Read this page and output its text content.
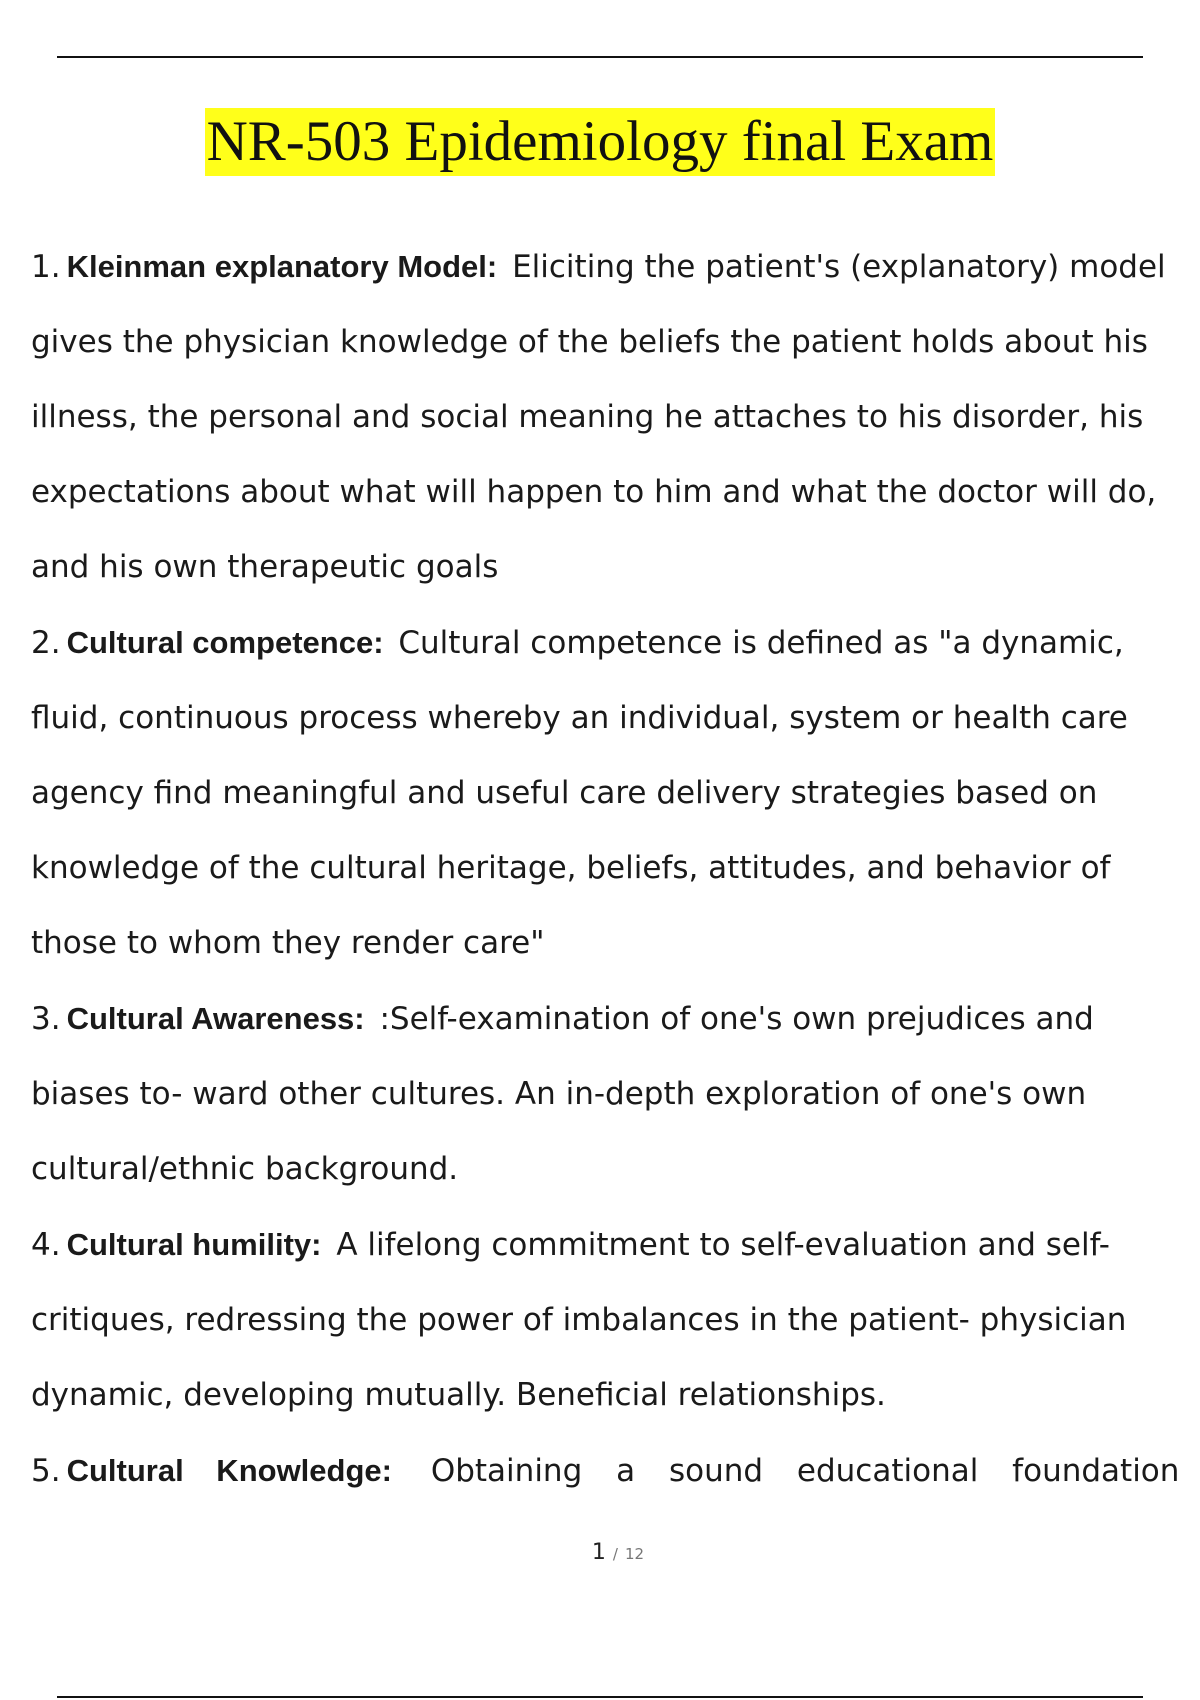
NR-503 Epidemiology final Exam

1. Kleinman explanatory Model: Eliciting the patient's (explanatory) model gives the physician knowledge of the beliefs the patient holds about his illness, the personal and social meaning he attaches to his disorder, his expectations about what will happen to him and what the doctor will do, and his own therapeutic goals

2. Cultural competence: Cultural competence is defined as "a dynamic, fluid, continuous process whereby an individual, system or health care agency find meaningful and useful care delivery strategies based on knowledge of the cultural heritage, beliefs, attitudes, and behavior of those to whom they render care"

3. Cultural Awareness: :Self-examination of one's own prejudices and biases to- ward other cultures. An in-depth exploration of one's own cultural/ethnic background.

4. Cultural humility: A lifelong commitment to self-evaluation and self-critiques, redressing the power of imbalances in the patient- physician dynamic, developing mutually. Beneficial relationships.

5. Cultural Knowledge: Obtaining a sound educational foundation

1 / 12
